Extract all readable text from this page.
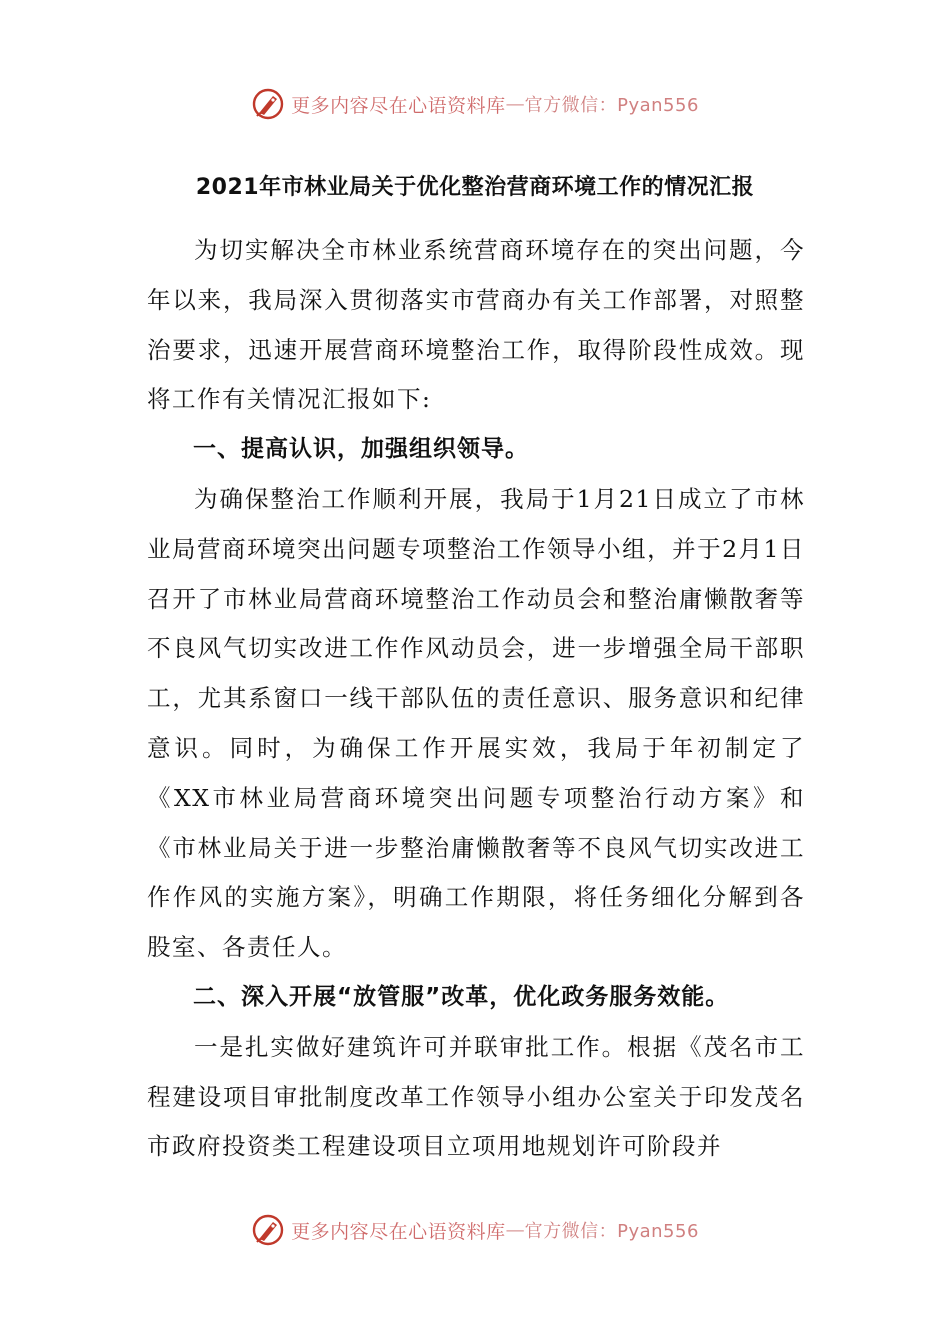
更多内容尽在心语资料库 — 官方微信：Pyan556
2021年市林业局关于优化整治营商环境工作的情况汇报

为切实解决全市林业系统营商环境存在的突出问题，今年以来，我局深入贯彻落实市营商办有关工作部署，对照整治要求，迅速开展营商环境整治工作，取得阶段性成效。现将工作有关情况汇报如下:

一、提高认识，加强组织领导。

为确保整治工作顺利开展，我局于1月21日成立了市林业局营商环境突出问题专项整治工作领导小组，并于2月1日召开了市林业局营商环境整治工作动员会和整治庸懒散奢等不良风气切实改进工作作风动员会，进一步增强全局干部职工，尤其系窗口一线干部队伍的责任意识、服务意识和纪律意识。同时，为确保工作开展实效，我局于年初制定了《XX市林业局营商环境突出问题专项整治行动方案》和《市林业局关于进一步整治庸懒散奢等不良风气切实改进工作作风的实施方案》，明确工作期限，将任务细化分解到各股室、各责任人。

二、深入开展“放管服”改革，优化政务服务效能。

一是扎实做好建筑许可并联审批工作。根据《茂名市工程建设项目审批制度改革工作领导小组办公室关于印发茂名市政府投资类工程建设项目立项用地规划许可阶段并

更多内容尽在心语资料库 — 官方微信：Pyan556
